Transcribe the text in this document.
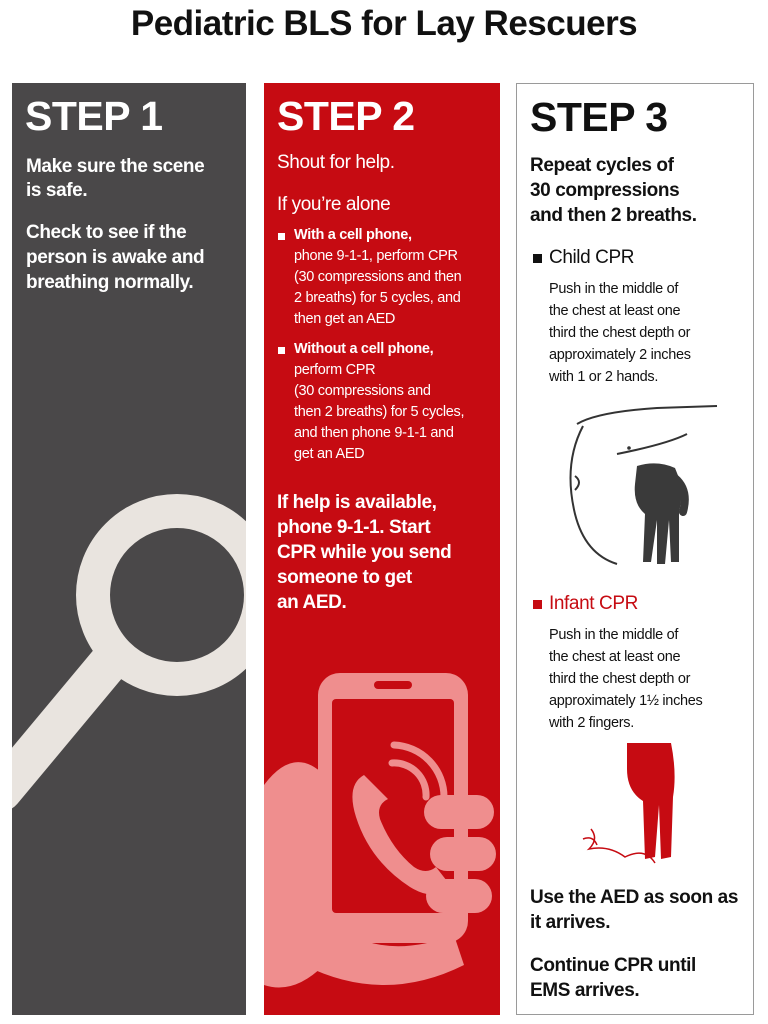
Pediatric BLS for Lay Rescuers
STEP 1
Make sure the scene
is safe.
Check to see if the
person is awake and
breathing normally.
STEP 2
Shout for help.
If you’re alone
With a cell phone,
phone 9-1-1, perform CPR
(30 compressions and then
2 breaths) for 5 cycles, and
then get an AED
Without a cell phone,
perform CPR
(30 compressions and
then 2 breaths) for 5 cycles,
and then phone 9-1-1 and
get an AED
If help is available,
phone 9-1-1. Start
CPR while you send
someone to get
an AED.
STEP 3
Repeat cycles of
30 compressions
and then 2 breaths.
Child CPR
Push in the middle of
the chest at least one
third the chest depth or
approximately 2 inches
with 1 or 2 hands.
Infant CPR
Push in the middle of
the chest at least one
third the chest depth or
approximately 1½ inches
with 2 fingers.
Use the AED as soon as
it arrives.
Continue CPR until
EMS arrives.
